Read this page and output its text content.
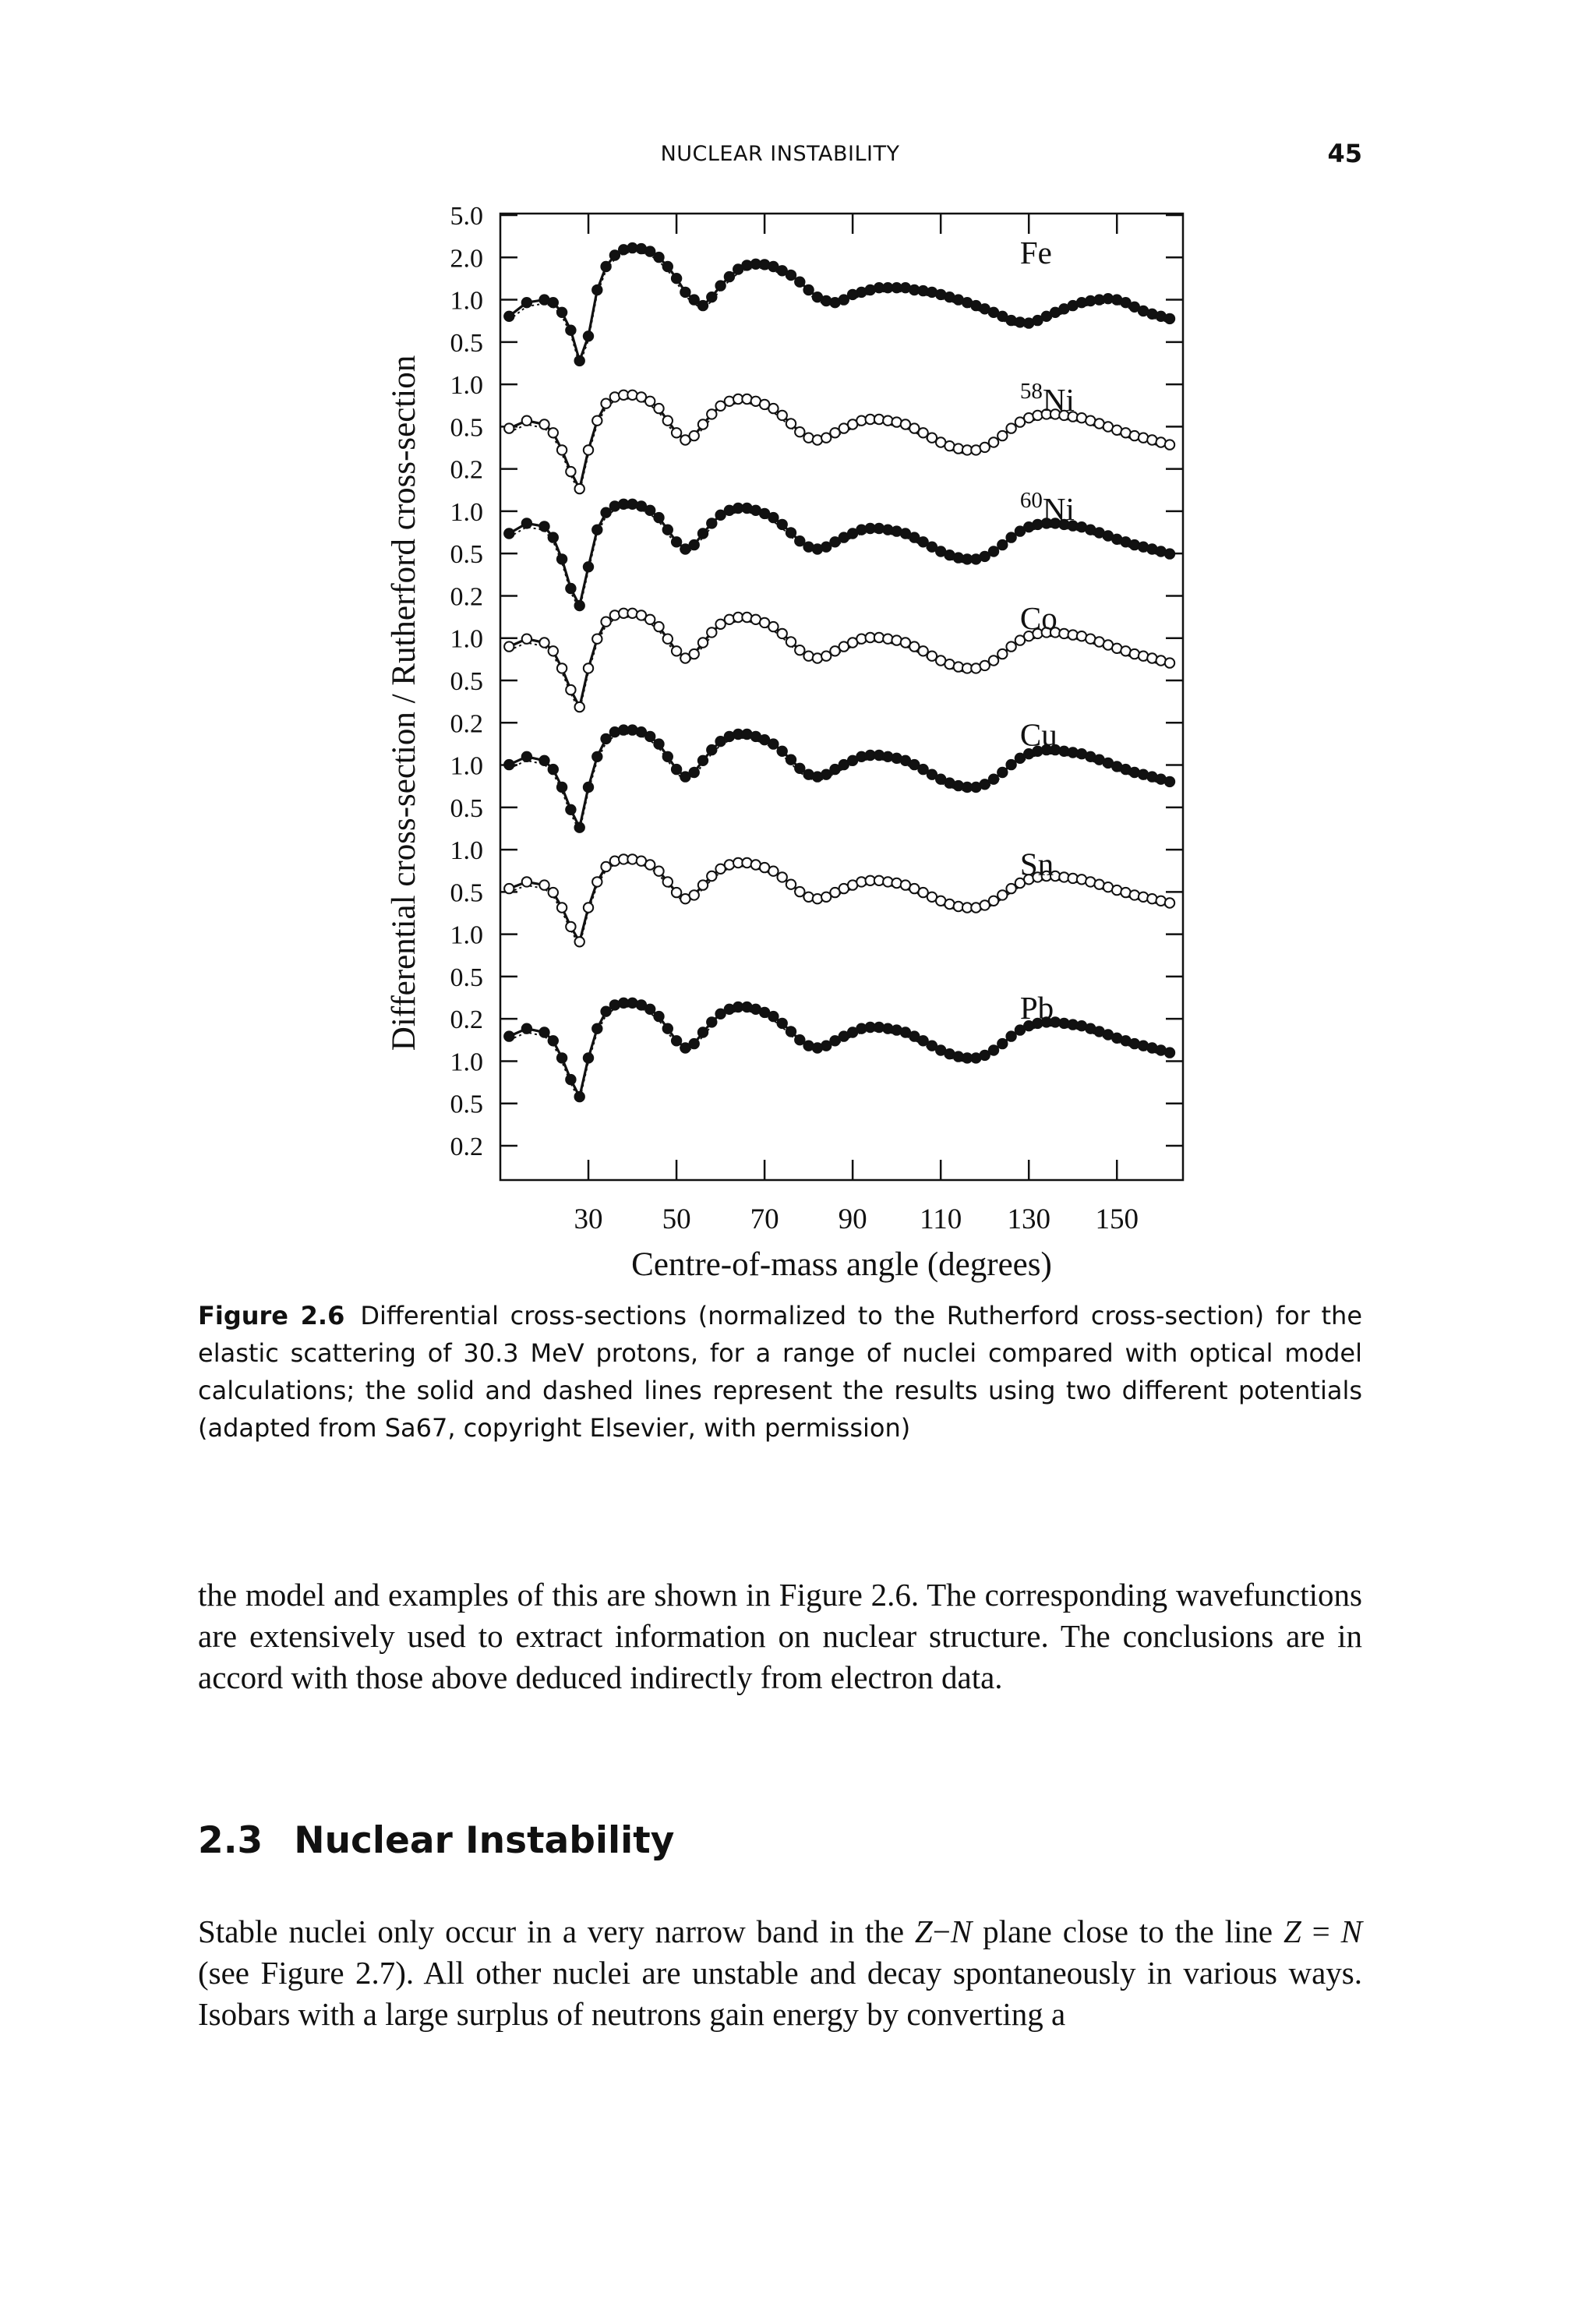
NUCLEAR INSTABILITY	45
30 50 70 90 110 130 150
5.0
2.0
1.0
0.5
1.0
0.5
0.2
1.0
0.5
0.2
1.0
0.5
0.2
1.0
0.5
1.0
0.5
1.0
0.5
0.2
1.0
0.5
0.2
Centre-of-mass angle (degrees)
Differential cross-section / Rutherford cross-section
Fe
$^{58}$Ni
$^{60}$Ni
Co
Cu
Sn
Pb
Figure 2.6 Differential cross-sections (normalized to the Rutherford cross-section) for the elastic scattering of 30.3 MeV protons, for a range of nuclei compared with optical model calculations; the solid and dashed lines represent the results using two different potentials (adapted from Sa67, copyright Elsevier, with permission)
the model and examples of this are shown in Figure 2.6. The corresponding wavefunctions are extensively used to extract information on nuclear structure. The conclusions are in accord with those above deduced indirectly from electron data.
2.3 Nuclear Instability
Stable nuclei only occur in a very narrow band in the Z−N plane close to the line Z = N (see Figure 2.7). All other nuclei are unstable and decay spontaneously in various ways. Isobars with a large surplus of neutrons gain energy by converting a
